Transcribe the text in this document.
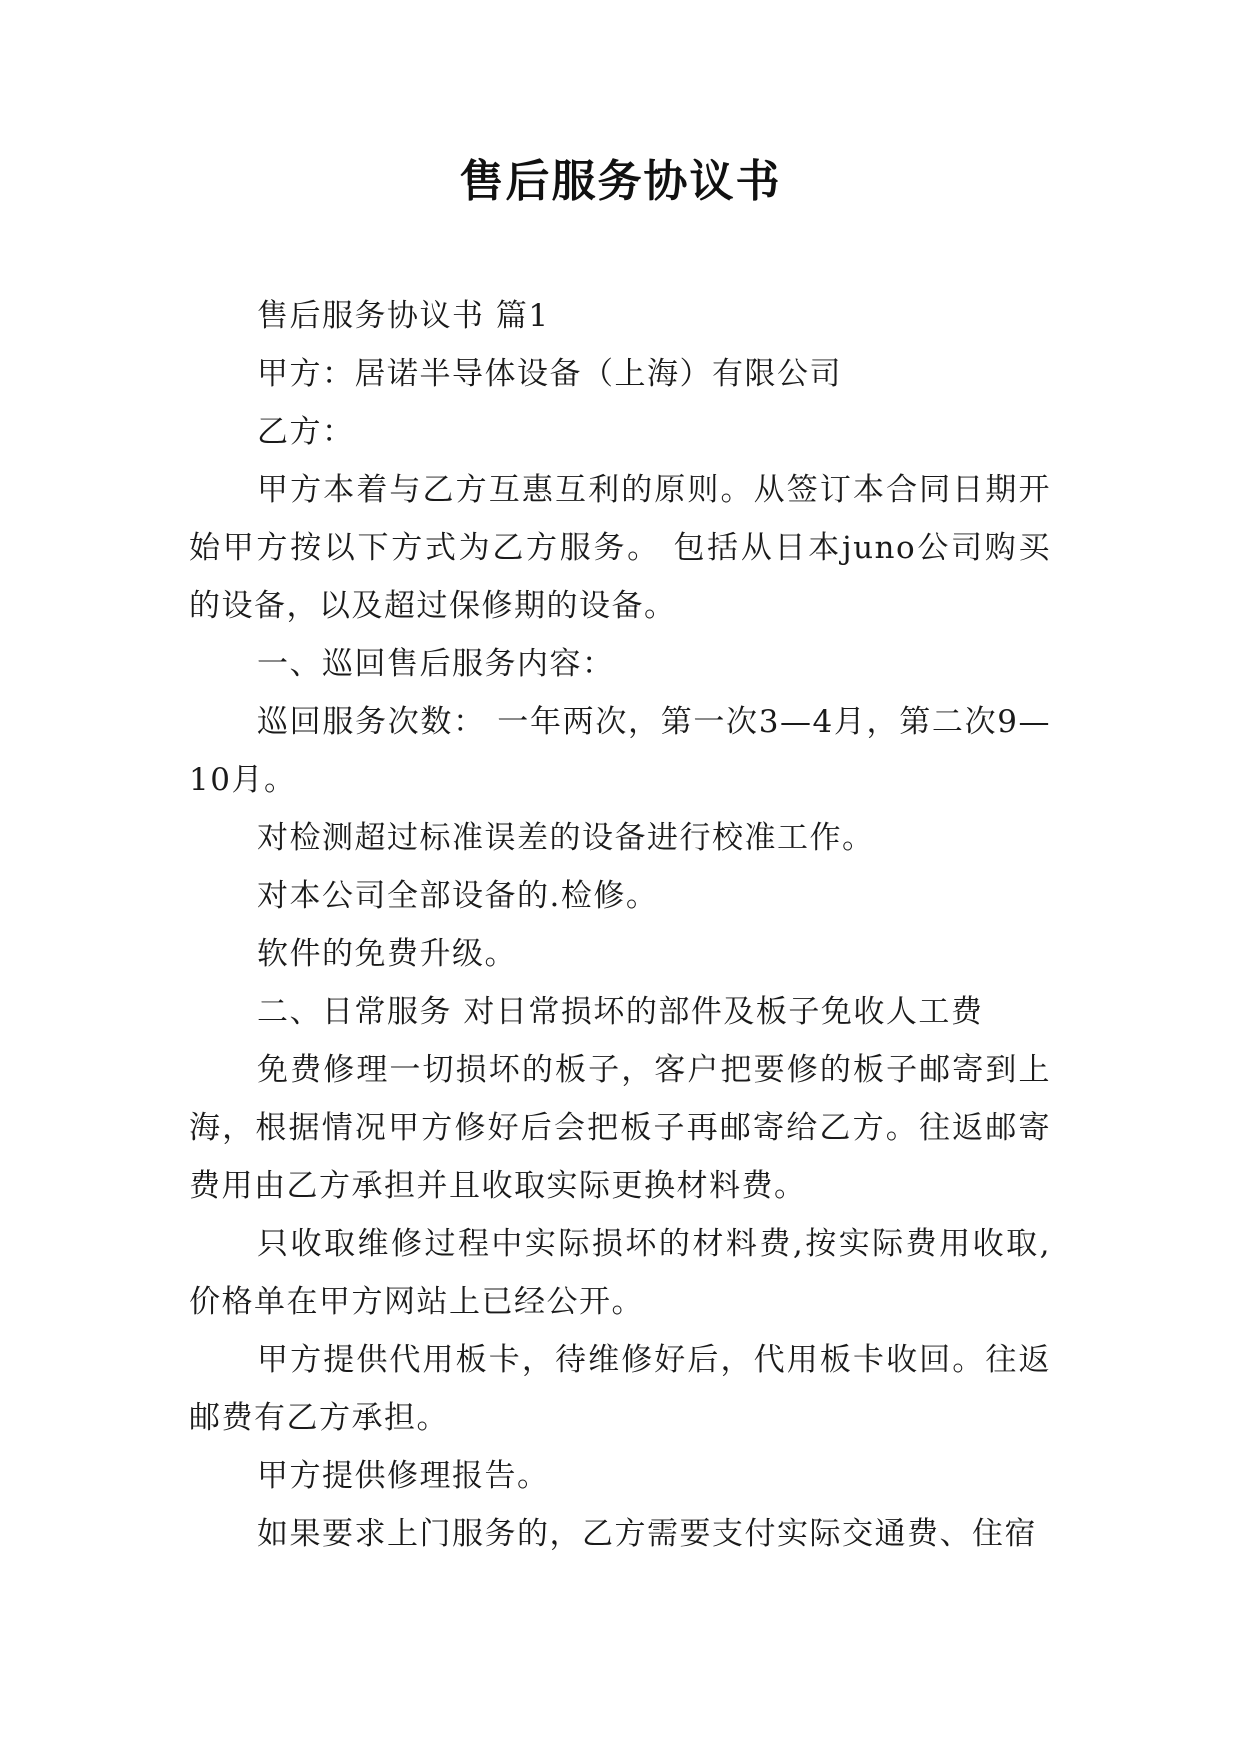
售后服务协议书

售后服务协议书 篇1

甲方：居诺半导体设备（上海）有限公司

乙方：

甲方本着与乙方互惠互利的原则。从签订本合同日期开始甲方按以下方式为乙方服务。 包括从日本juno公司购买的设备，以及超过保修期的设备。

一、巡回售后服务内容：

巡回服务次数： 一年两次，第一次3—4月，第二次9—10月。

对检测超过标准误差的设备进行校准工作。

对本公司全部设备的.检修。

软件的免费升级。

二、日常服务 对日常损坏的部件及板子免收人工费

免费修理一切损坏的板子，客户把要修的板子邮寄到上海，根据情况甲方修好后会把板子再邮寄给乙方。往返邮寄费用由乙方承担并且收取实际更换材料费。

只收取维修过程中实际损坏的材料费,按实际费用收取,价格单在甲方网站上已经公开。

甲方提供代用板卡，待维修好后，代用板卡收回。往返邮费有乙方承担。

甲方提供修理报告。

如果要求上门服务的，乙方需要支付实际交通费、住宿
